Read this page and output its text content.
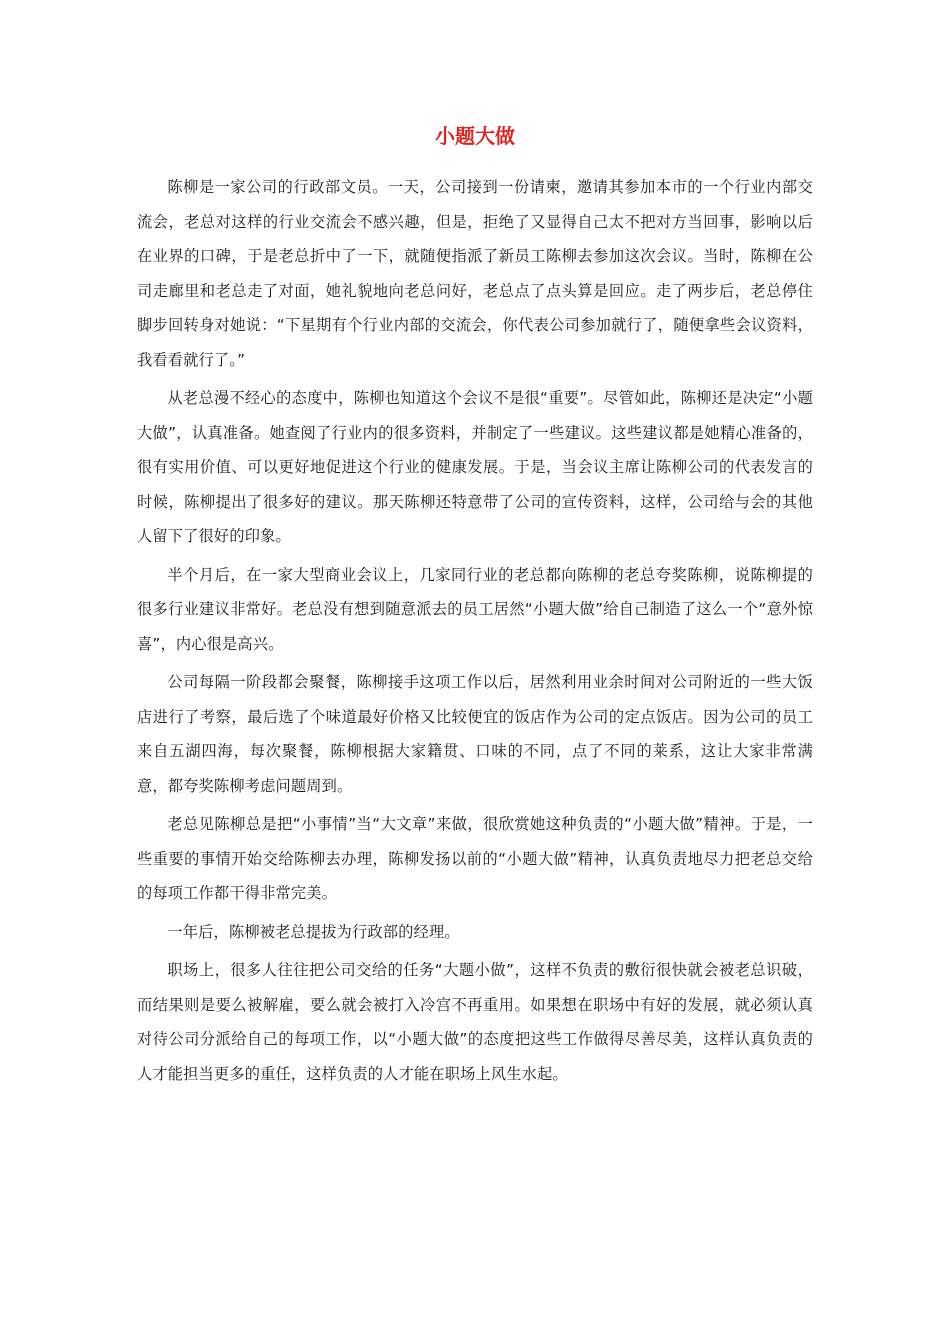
小题大做

陈柳是一家公司的行政部文员。一天，公司接到一份请柬，邀请其参加本市的一个行业内部交流会，老总对这样的行业交流会不感兴趣，但是，拒绝了又显得自己太不把对方当回事，影响以后在业界的口碑，于是老总折中了一下，就随便指派了新员工陈柳去参加这次会议。当时，陈柳在公司走廊里和老总走了对面，她礼貌地向老总问好，老总点了点头算是回应。走了两步后，老总停住脚步回转身对她说：“下星期有个行业内部的交流会，你代表公司参加就行了，随便拿些会议资料，我看看就行了。”

从老总漫不经心的态度中，陈柳也知道这个会议不是很“重要”。尽管如此，陈柳还是决定“小题大做”，认真准备。她查阅了行业内的很多资料，并制定了一些建议。这些建议都是她精心准备的，很有实用价值、可以更好地促进这个行业的健康发展。于是，当会议主席让陈柳公司的代表发言的时候，陈柳提出了很多好的建议。那天陈柳还特意带了公司的宣传资料，这样，公司给与会的其他人留下了很好的印象。

半个月后，在一家大型商业会议上，几家同行业的老总都向陈柳的老总夸奖陈柳，说陈柳提的很多行业建议非常好。老总没有想到随意派去的员工居然“小题大做”给自己制造了这么一个“意外惊喜”，内心很是高兴。

公司每隔一阶段都会聚餐，陈柳接手这项工作以后，居然利用业余时间对公司附近的一些大饭店进行了考察，最后选了个味道最好价格又比较便宜的饭店作为公司的定点饭店。因为公司的员工来自五湖四海，每次聚餐，陈柳根据大家籍贯、口味的不同，点了不同的莱系，这让大家非常满意，都夸奖陈柳考虑问题周到。

老总见陈柳总是把“小事情”当“大文章”来做，很欣赏她这种负责的“小题大做”精神。于是，一些重要的事情开始交给陈柳去办理，陈柳发扬以前的“小题大做”精神，认真负责地尽力把老总交给的每项工作都干得非常完美。

一年后，陈柳被老总提拔为行政部的经理。

职场上，很多人往往把公司交给的任务“大题小做”，这样不负责的敷衍很快就会被老总识破，而结果则是要么被解雇，要么就会被打入冷宫不再重用。如果想在职场中有好的发展，就必须认真对待公司分派给自己的每项工作，以“小题大做”的态度把这些工作做得尽善尽美，这样认真负责的人才能担当更多的重任，这样负责的人才能在职场上风生水起。
